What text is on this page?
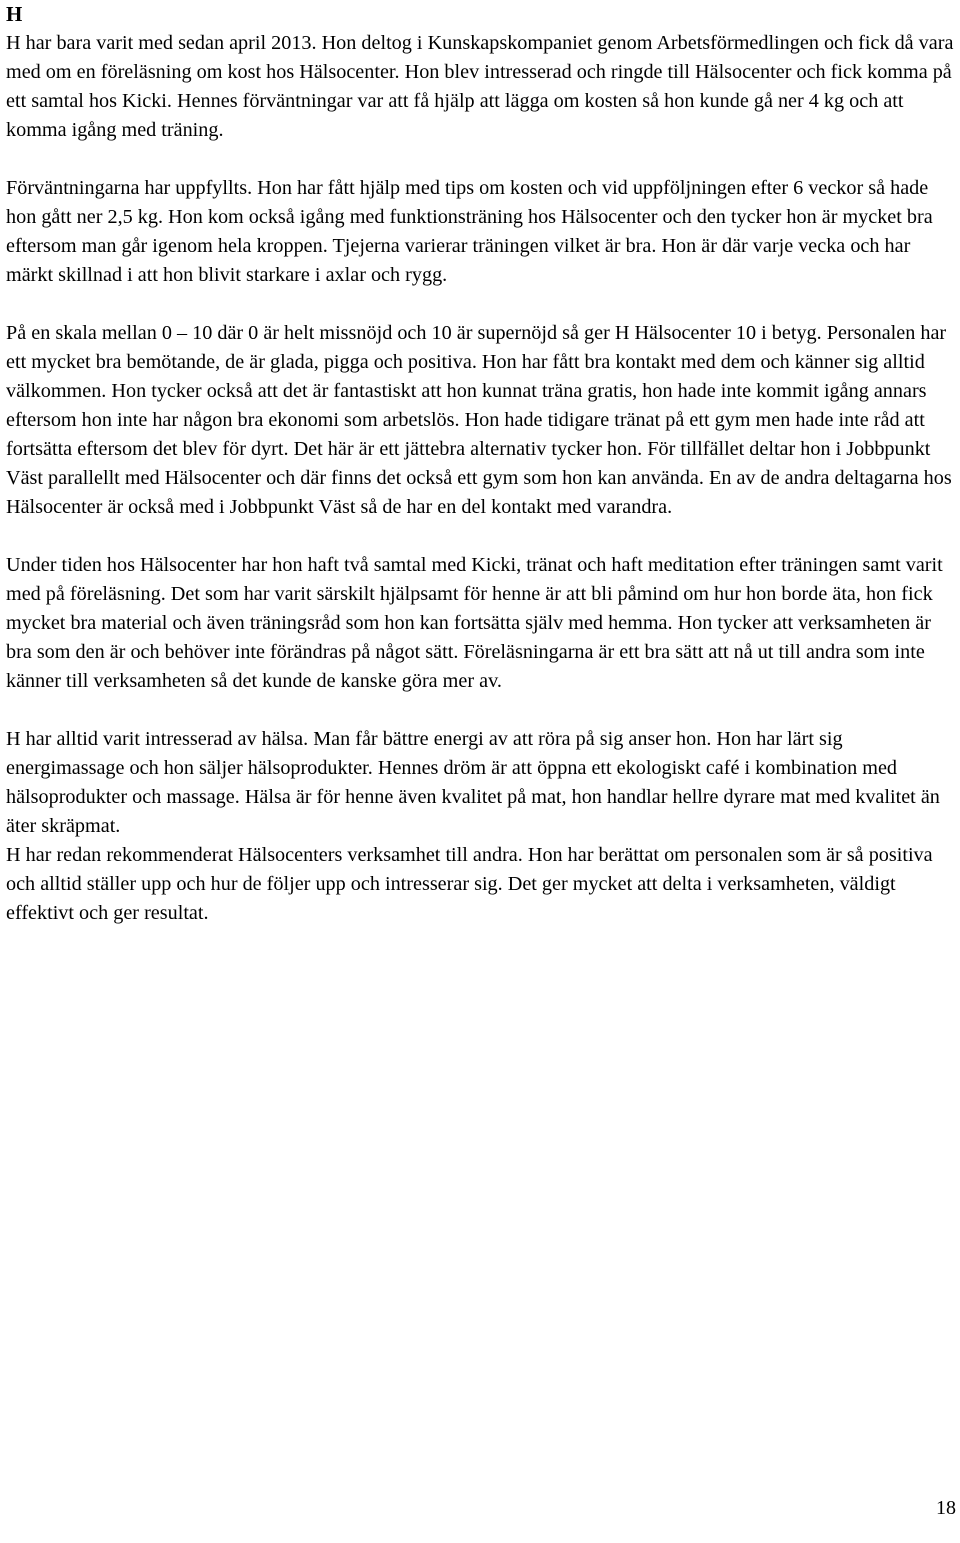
H

H har bara varit med sedan april 2013. Hon deltog i Kunskapskompaniet genom Arbetsförmedlingen och fick då vara med om en föreläsning om kost hos Hälsocenter. Hon blev intresserad och ringde till Hälsocenter och fick komma på ett samtal hos Kicki. Hennes förväntningar var att få hjälp att lägga om kosten så hon kunde gå ner 4 kg och att komma igång med träning.

Förväntningarna har uppfyllts. Hon har fått hjälp med tips om kosten och vid uppföljningen efter 6 veckor så hade hon gått ner 2,5 kg. Hon kom också igång med funktionsträning hos Hälsocenter och den tycker hon är mycket bra eftersom man går igenom hela kroppen. Tjejerna varierar träningen vilket är bra. Hon är där varje vecka och har märkt skillnad i att hon blivit starkare i axlar och rygg.

På en skala mellan 0 – 10 där 0 är helt missnöjd och 10 är supernöjd så ger H Hälsocenter 10 i betyg. Personalen har ett mycket bra bemötande, de är glada, pigga och positiva. Hon har fått bra kontakt med dem och känner sig alltid välkommen. Hon tycker också att det är fantastiskt att hon kunnat träna gratis, hon hade inte kommit igång annars eftersom hon inte har någon bra ekonomi som arbetslös. Hon hade tidigare tränat på ett gym men hade inte råd att fortsätta eftersom det blev för dyrt. Det här är ett jättebra alternativ tycker hon. För tillfället deltar hon i Jobbpunkt Väst parallellt med Hälsocenter och där finns det också ett gym som hon kan använda. En av de andra deltagarna hos Hälsocenter är också med i Jobbpunkt Väst så de har en del kontakt med varandra.

Under tiden hos Hälsocenter har hon haft två samtal med Kicki, tränat och haft meditation efter träningen samt varit med på föreläsning. Det som har varit särskilt hjälpsamt för henne är att bli påmind om hur hon borde äta, hon fick mycket bra material och även träningsråd som hon kan fortsätta själv med hemma. Hon tycker att verksamheten är bra som den är och behöver inte förändras på något sätt. Föreläsningarna är ett bra sätt att nå ut till andra som inte känner till verksamheten så det kunde de kanske göra mer av.

H har alltid varit intresserad av hälsa. Man får bättre energi av att röra på sig anser hon. Hon har lärt sig energimassage och hon säljer hälsoprodukter. Hennes dröm är att öppna ett ekologiskt café i kombination med hälsoprodukter och massage. Hälsa är för henne även kvalitet på mat, hon handlar hellre dyrare mat med kvalitet än äter skräpmat.

H har redan rekommenderat Hälsocenters verksamhet till andra. Hon har berättat om personalen som är så positiva och alltid ställer upp och hur de följer upp och intresserar sig. Det ger mycket att delta i verksamheten, väldigt effektivt och ger resultat.

18
